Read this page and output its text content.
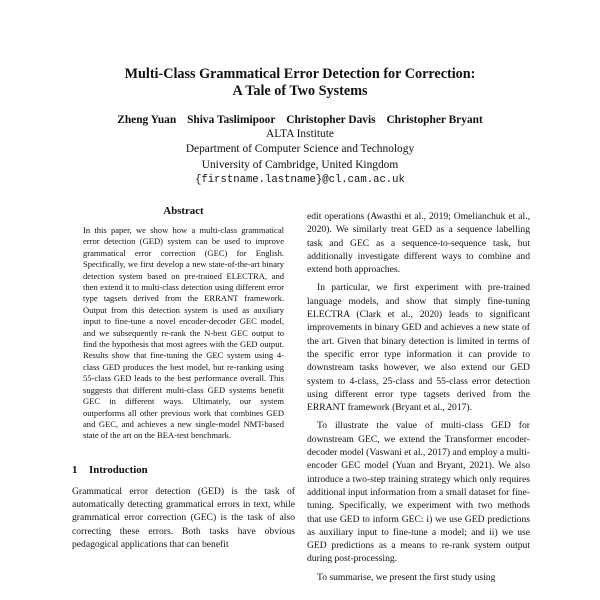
Multi-Class Grammatical Error Detection for Correction:
A Tale of Two Systems
Zheng Yuan Shiva Taslimipoor Christopher Davis Christopher Bryant
ALTA Institute
Department of Computer Science and Technology
University of Cambridge, United Kingdom
{firstname.lastname}@cl.cam.ac.uk
Abstract

In this paper, we show how a multi-class grammatical error detection (GED) system can be used to improve grammatical error correction (GEC) for English. Specifically, we first develop a new state-of-the-art binary detection system based on pre-trained ELECTRA, and then extend it to multi-class detection using different error type tagsets derived from the ERRANT framework. Output from this detection system is used as auxiliary input to fine-tune a novel encoder-decoder GEC model, and we subsequently re-rank the N-best GEC output to find the hypothesis that most agrees with the GED output. Results show that fine-tuning the GEC system using 4-class GED produces the best model, but re-ranking using 55-class GED leads to the best performance overall. This suggests that different multi-class GED systems benefit GEC in different ways. Ultimately, our system outperforms all other previous work that combines GED and GEC, and achieves a new single-model NMT-based state of the art on the BEA-test benchmark.

1 Introduction

Grammatical error detection (GED) is the task of automatically detecting grammatical errors in text, while grammatical error correction (GEC) is the task of also correcting these errors. Both tasks have obvious pedagogical applications that can benefit

edit operations (Awasthi et al., 2019; Omelianchuk et al., 2020). We similarly treat GED as a sequence labelling task and GEC as a sequence-to-sequence task, but additionally investigate different ways to combine and extend both approaches.

In particular, we first experiment with pre-trained language models, and show that simply fine-tuning ELECTRA (Clark et al., 2020) leads to significant improvements in binary GED and achieves a new state of the art. Given that binary detection is limited in terms of the specific error type information it can provide to downstream tasks however, we also extend our GED system to 4-class, 25-class and 55-class error detection using different error type tagsets derived from the ERRANT framework (Bryant et al., 2017).

To illustrate the value of multi-class GED for downstream GEC, we extend the Transformer encoder-decoder model (Vaswani et al., 2017) and employ a multi-encoder GEC model (Yuan and Bryant, 2021). We also introduce a two-step training strategy which only requires additional input information from a small dataset for fine-tuning. Specifically, we experiment with two methods that use GED to inform GEC: i) we use GED predictions as auxiliary input to fine-tune a model; and ii) we use GED predictions as a means to re-rank system output during post-processing.

To summarise, we present the first study using
